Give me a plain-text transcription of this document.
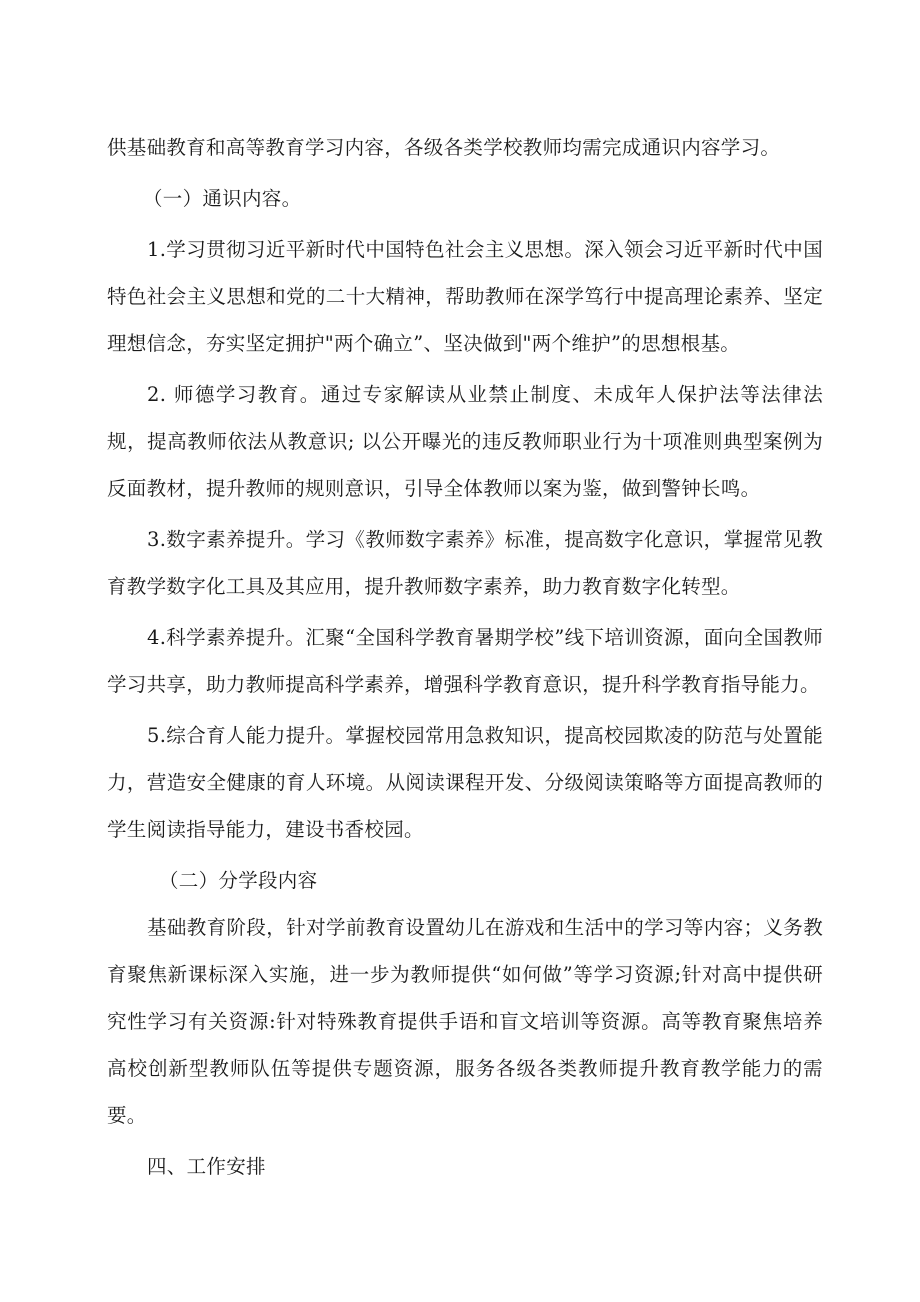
供基础教育和高等教育学习内容，各级各类学校教师均需完成通识内容学习。

（一）通识内容。

1.学习贯彻习近平新时代中国特色社会主义思想。深入领会习近平新时代中国特色社会主义思想和党的二十大精神，帮助教师在深学笃行中提高理论素养、坚定理想信念，夯实坚定拥护"两个确立”、坚决做到"两个维护”的思想根基。

2. 师德学习教育。通过专家解读从业禁止制度、未成年人保护法等法律法规，提高教师依法从教意识; 以公开曝光的违反教师职业行为十项准则典型案例为反面教材，提升教师的规则意识，引导全体教师以案为鉴，做到警钟长鸣。

3.数字素养提升。学习《教师数字素养》标准，提高数字化意识，掌握常见教育教学数字化工具及其应用，提升教师数字素养，助力教育数字化转型。

4.科学素养提升。汇聚“全国科学教育暑期学校”线下培训资源，面向全国教师学习共享，助力教师提高科学素养，增强科学教育意识，提升科学教育指导能力。

5.综合育人能力提升。掌握校园常用急救知识，提高校园欺凌的防范与处置能力，营造安全健康的育人环境。从阅读课程开发、分级阅读策略等方面提高教师的学生阅读指导能力，建设书香校园。

（二）分学段内容

基础教育阶段，针对学前教育设置幼儿在游戏和生活中的学习等内容；义务教育聚焦新课标深入实施，进一步为教师提供“如何做”等学习资源;针对高中提供研究性学习有关资源:针对特殊教育提供手语和盲文培训等资源。高等教育聚焦培养高校创新型教师队伍等提供专题资源，服务各级各类教师提升教育教学能力的需要。

四、工作安排
